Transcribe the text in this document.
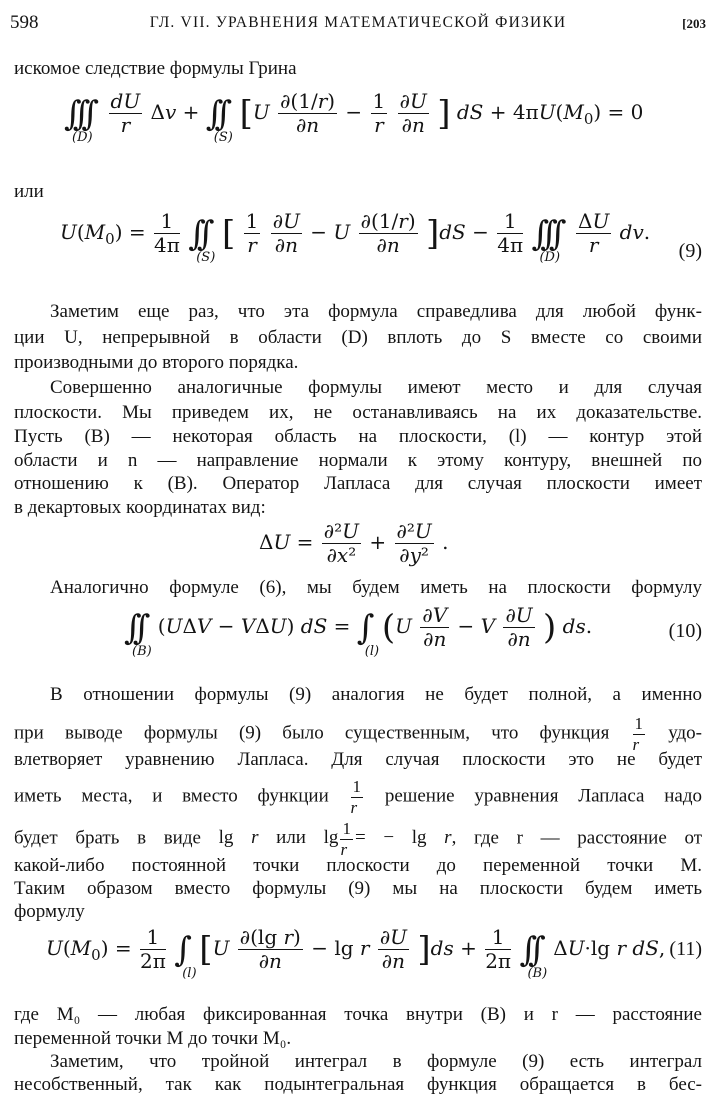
598	ГЛ. VII. УРАВНЕНИЯ МАТЕМАТИЧЕСКОЙ ФИЗИКИ	[203
искомое следствие формулы Грина
∫∫∫
(D)
$\frac{dU}{r}$ Δv + ∫∫
(S)
[$U \frac{\partial(1/r)}{\partial n} - \frac{1}{r}$
$\frac{\partial U}{\partial n}$ ] dS + $4\pi U(M_0) = 0$
или
$U(M_0) = \frac{1}{4\pi}$ ∫∫
(S)
[ $\frac{1}{r}$
$\frac{\partial U}{\partial n} - U \frac{\partial(1/r)}{\partial n} ]dS - \frac{1}{4\pi}$ ∫∫∫
(D)
$\frac{\Delta U}{r}$ dv.
(9)
Заметим еще раз, что эта формула справедлива для любой функ-
ции U, непрерывной в области (D) вплоть до S вместе со своими
производными до второго порядка.
Совершенно аналогичные формулы имеют место и для случая
плоскости. Мы приведем их, не останавливаясь на их доказательстве.
Пусть (B) — некоторая область на плоскости, (l) — контур этой
области и n — направление нормали к этому контуру, внешней по
отношению к (B). Оператор Лапласа для случая плоскости имеет
в декартовых координатах вид:
$\Delta U = \frac{\text{∂²U}}{\text{∂x²}} + \frac{\text{∂²U}}{\text{∂y²}}$ .
Аналогично формуле (6), мы будем иметь на плоскости формулу
∫∫
(B)
(UΔV − VΔU) dS = ∫
(l)
($U \frac{\partial V}{\partial n} - V \frac{\partial U}{\partial n}$ ) ds.	(10)
В отношении формулы (9) аналогия не будет полной, а именно
при выводе формулы (9) было существенным, что функция $\frac{1}{r} удо-$
влетворяет уравнению Лапласа. Для случая плоскости это не будет
иметь места, и вместо функции $\frac{1}{r}$ решение уравнения Лапласа надо
будет брать в виде lg r или $\lg \frac{1}{r}$ = − lg r, где r — расстояние от
какой-либо постоянной точки плоскости до переменной точки M.
Таким образом вместо формулы (9) мы на плоскости будем иметь
формулу
$U(M_0) = \frac{1}{2\pi}$ ∫
(l)
$[U \frac{\text{∂(lg r)}}{\partial n} - \lg r \frac{\partial U}{\partial n} ]ds + \frac{1}{2\pi}$ ∫∫
(B)
ΔU·lg r dS, (11)
где M₀ — любая фиксированная точка внутри (B) и r — расстояние
переменной точки M до точки M₀.
Заметим, что тройной интеграл в формуле (9) есть интеграл
несобственный, так как подынтегральная функция обращается в бес-
